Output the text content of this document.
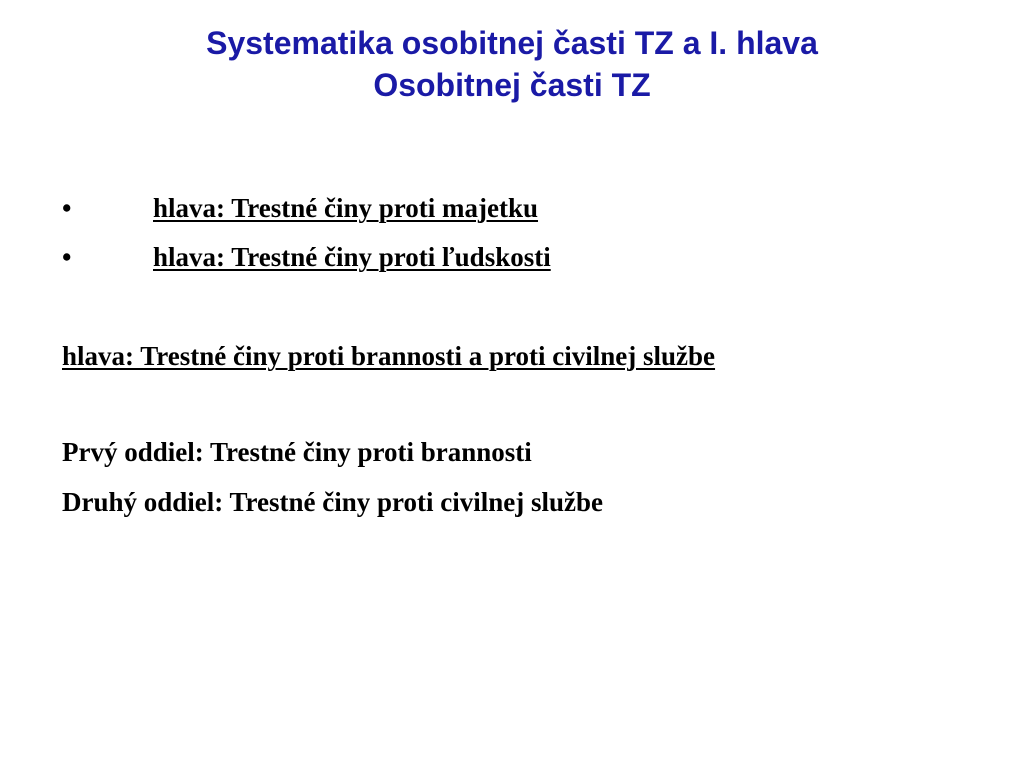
Systematika osobitnej časti TZ a I. hlava
Osobitnej časti TZ
•	hlava: Trestné činy proti majetku
•	hlava: Trestné činy proti ľudskosti
hlava: Trestné činy proti brannosti a proti civilnej službe
Prvý oddiel: Trestné činy proti brannosti
Druhý oddiel: Trestné činy proti civilnej službe
